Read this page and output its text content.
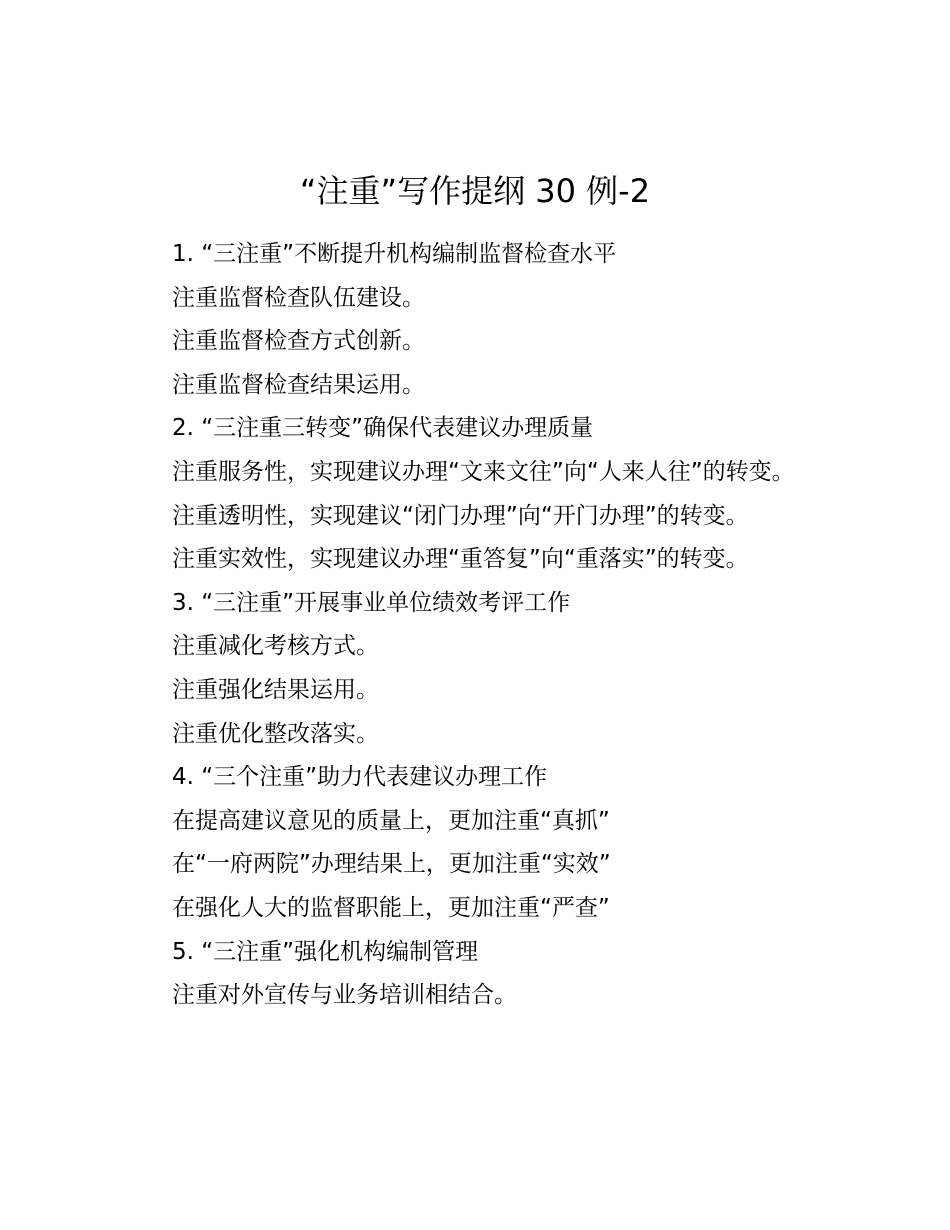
“注重”写作提纲 30 例-2

1. “三注重”不断提升机构编制监督检查水平

注重监督检查队伍建设。

注重监督检查方式创新。

注重监督检查结果运用。

2. “三注重三转变”确保代表建议办理质量

注重服务性，实现建议办理“文来文往”向“人来人往”的转变。

注重透明性，实现建议“闭门办理”向“开门办理”的转变。

注重实效性，实现建议办理“重答复”向“重落实”的转变。

3. “三注重”开展事业单位绩效考评工作

注重减化考核方式。

注重强化结果运用。

注重优化整改落实。

4. “三个注重”助力代表建议办理工作

在提高建议意见的质量上，更加注重“真抓”

在“一府两院”办理结果上，更加注重“实效”

在强化人大的监督职能上，更加注重“严查”

5. “三注重”强化机构编制管理

注重对外宣传与业务培训相结合。
